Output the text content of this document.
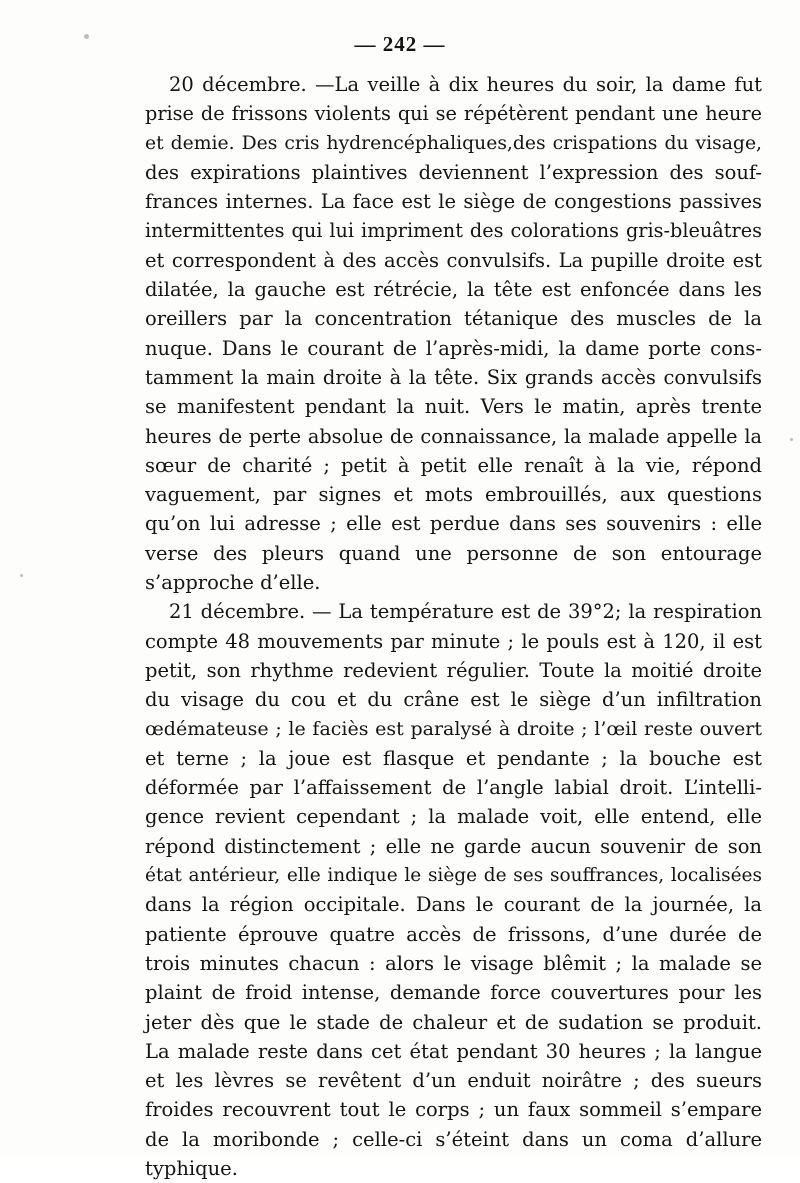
— 242 —
20 décembre. —La veille à dix heures du soir, la dame fut
prise de frissons violents qui se répétèrent pendant une heure
et demie. Des cris hydrencéphaliques,des crispations du visage,
des expirations plaintives deviennent l’expression des souf-
frances internes. La face est le siège de congestions passives
intermittentes qui lui impriment des colorations gris-bleuâtres
et correspondent à des accès convulsifs. La pupille droite est
dilatée, la gauche est rétrécie, la tête est enfoncée dans les
oreillers par la concentration tétanique des muscles de la
nuque. Dans le courant de l’après-midi, la dame porte cons-
tamment la main droite à la tête. Six grands accès convulsifs
se manifestent pendant la nuit. Vers le matin, après trente
heures de perte absolue de connaissance, la malade appelle la
sœur de charité ; petit à petit elle renaît à la vie, répond
vaguement, par signes et mots embrouillés, aux questions
qu’on lui adresse ; elle est perdue dans ses souvenirs : elle
verse des pleurs quand une personne de son entourage
s’approche d’elle.
21 décembre. — La température est de 39°2; la respiration
compte 48 mouvements par minute ; le pouls est à 120, il est
petit, son rhythme redevient régulier. Toute la moitié droite
du visage du cou et du crâne est le siège d’un infiltration
œdémateuse ; le faciès est paralysé à droite ; l’œil reste ouvert
et terne ; la joue est flasque et pendante ; la bouche est
déformée par l’affaissement de l’angle labial droit. L’intelli-
gence revient cependant ; la malade voit, elle entend, elle
répond distinctement ; elle ne garde aucun souvenir de son
état antérieur, elle indique le siège de ses souffrances, localisées
dans la région occipitale. Dans le courant de la journée, la
patiente éprouve quatre accès de frissons, d’une durée de
trois minutes chacun : alors le visage blêmit ; la malade se
plaint de froid intense, demande force couvertures pour les
jeter dès que le stade de chaleur et de sudation se produit.
La malade reste dans cet état pendant 30 heures ; la langue
et les lèvres se revêtent d’un enduit noirâtre ; des sueurs
froides recouvrent tout le corps ; un faux sommeil s’empare
de la moribonde ; celle-ci s’éteint dans un coma d’allure
typhique.
